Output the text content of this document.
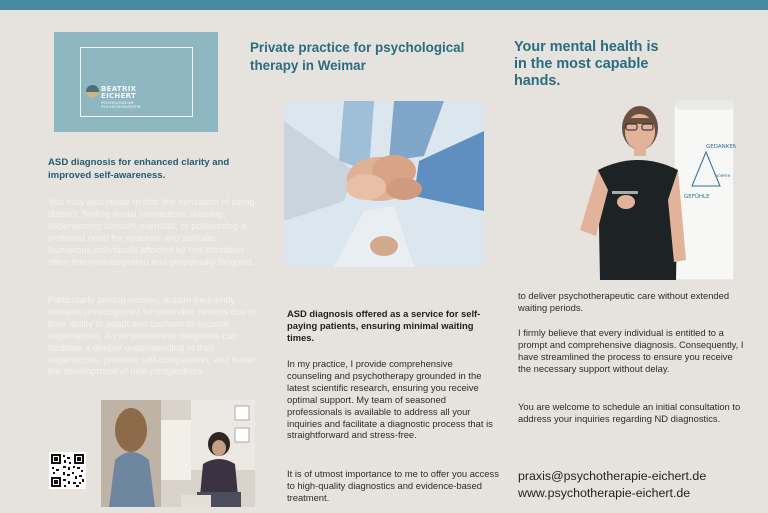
BEATRIX
EICHERT
PSYCHOLOGISCHE
PSYCHOTHERAPEUTIN
ASD diagnosis for enhanced clarity and improved self-awareness.
You may also relate to this: the sensation of being distinct, finding social interactions draining, experiencing sensory overload, or possessing a profound need for structure and solitude. Numerous individuals affected by this condition often feel misinterpreted and perpetually fatigued.
Particularly among women, autism frequently remains unrecognized for extended periods due to their ability to adapt and conform to societal expectations. A comprehensive diagnosis can facilitate a deeper understanding of their experiences, promote self-compassion, and foster the development of new perspectives.
Private practice for psychological therapy in Weimar
ASD diagnosis offered as a service for self-paying patients, ensuring minimal waiting times.
In my practice, I provide comprehensive counseling and psychotherapy grounded in the latest scientific research, ensuring you receive optimal support. My team of seasoned professionals is available to address all your inquiries and facilitate a diagnostic process that is straightforward and stress-free.
It is of utmost importance to me to offer you access to high-quality diagnostics and evidence-based treatment.
Your mental health is in the most capable hands.
GEDANKEN
GEFÜHLE
KÖRPER
to deliver psychotherapeutic care without extended waiting periods.
I firmly believe that every individual is entitled to a prompt and comprehensive diagnosis. Consequently, I have streamlined the process to ensure you receive the necessary support without delay.
You are welcome to schedule an initial consultation to address your inquiries regarding ND diagnostics.
praxis@psychotherapie-eichert.de
www.psychotherapie-eichert.de
